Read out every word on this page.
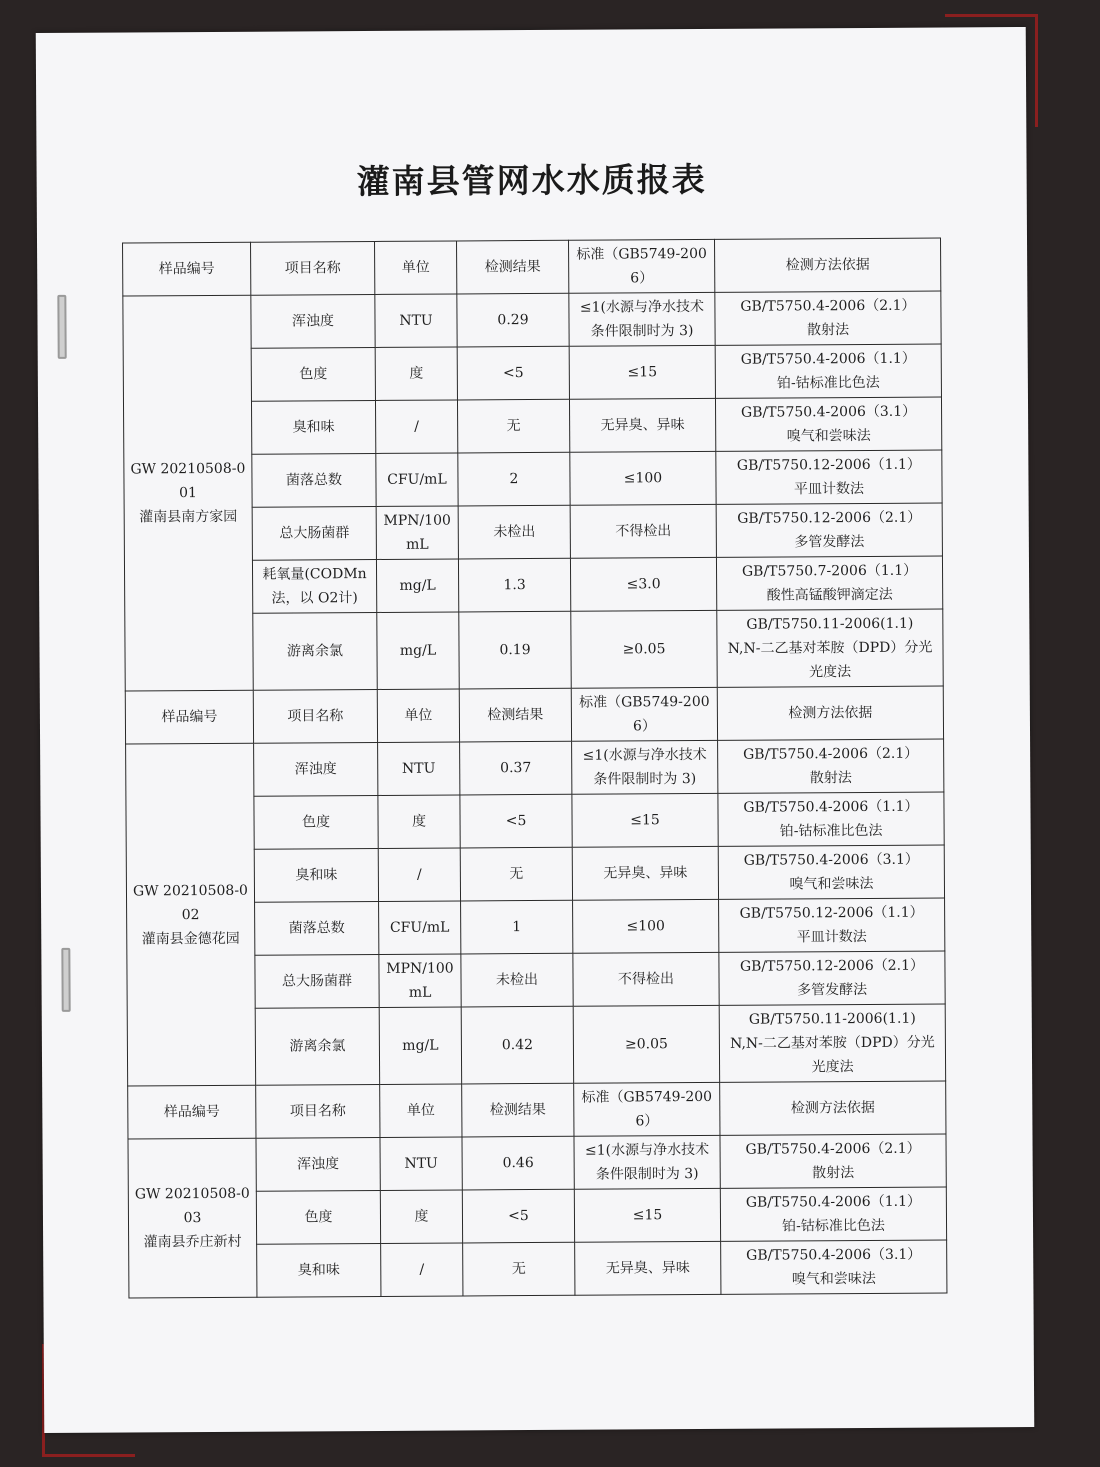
灌南县管网水水质报表
样品编号	项目名称	单位	检测结果	标准（GB5749-2006）	检测方法依据
GW 20210508-001
灌南县南方家园	浑浊度	NTU	0.29	≤1(水源与净水技术条件限制时为 3)	GB/T5750.4-2006（2.1）
散射法
	色度	度	<5	≤15	GB/T5750.4-2006（1.1）
铂-钴标准比色法
	臭和味	/	无	无异臭、异味	GB/T5750.4-2006（3.1）
嗅气和尝味法
	菌落总数	CFU/mL	2	≤100	GB/T5750.12-2006（1.1）
平皿计数法
	总大肠菌群	MPN/100mL	未检出	不得检出	GB/T5750.12-2006（2.1）
多管发酵法
	耗氧量(CODMn法，以 O2计)	mg/L	1.3	≤3.0	GB/T5750.7-2006（1.1）
酸性高锰酸钾滴定法
	游离余氯	mg/L	0.19	≥0.05	GB/T5750.11-2006(1.1)
N,N-二乙基对苯胺（DPD）分光光度法
样品编号	项目名称	单位	检测结果	标准（GB5749-2006）	检测方法依据
GW 20210508-002
灌南县金德花园	浑浊度	NTU	0.37	≤1(水源与净水技术条件限制时为 3)	GB/T5750.4-2006（2.1）
散射法
	色度	度	<5	≤15	GB/T5750.4-2006（1.1）
铂-钴标准比色法
	臭和味	/	无	无异臭、异味	GB/T5750.4-2006（3.1）
嗅气和尝味法
	菌落总数	CFU/mL	1	≤100	GB/T5750.12-2006（1.1）
平皿计数法
	总大肠菌群	MPN/100mL	未检出	不得检出	GB/T5750.12-2006（2.1）
多管发酵法
	游离余氯	mg/L	0.42	≥0.05	GB/T5750.11-2006(1.1)
N,N-二乙基对苯胺（DPD）分光光度法
样品编号	项目名称	单位	检测结果	标准（GB5749-2006）	检测方法依据
GW 20210508-003
灌南县乔庄新村	浑浊度	NTU	0.46	≤1(水源与净水技术条件限制时为 3)	GB/T5750.4-2006（2.1）
散射法
	色度	度	<5	≤15	GB/T5750.4-2006（1.1）
铂-钴标准比色法
	臭和味	/	无	无异臭、异味	GB/T5750.4-2006（3.1）
嗅气和尝味法
